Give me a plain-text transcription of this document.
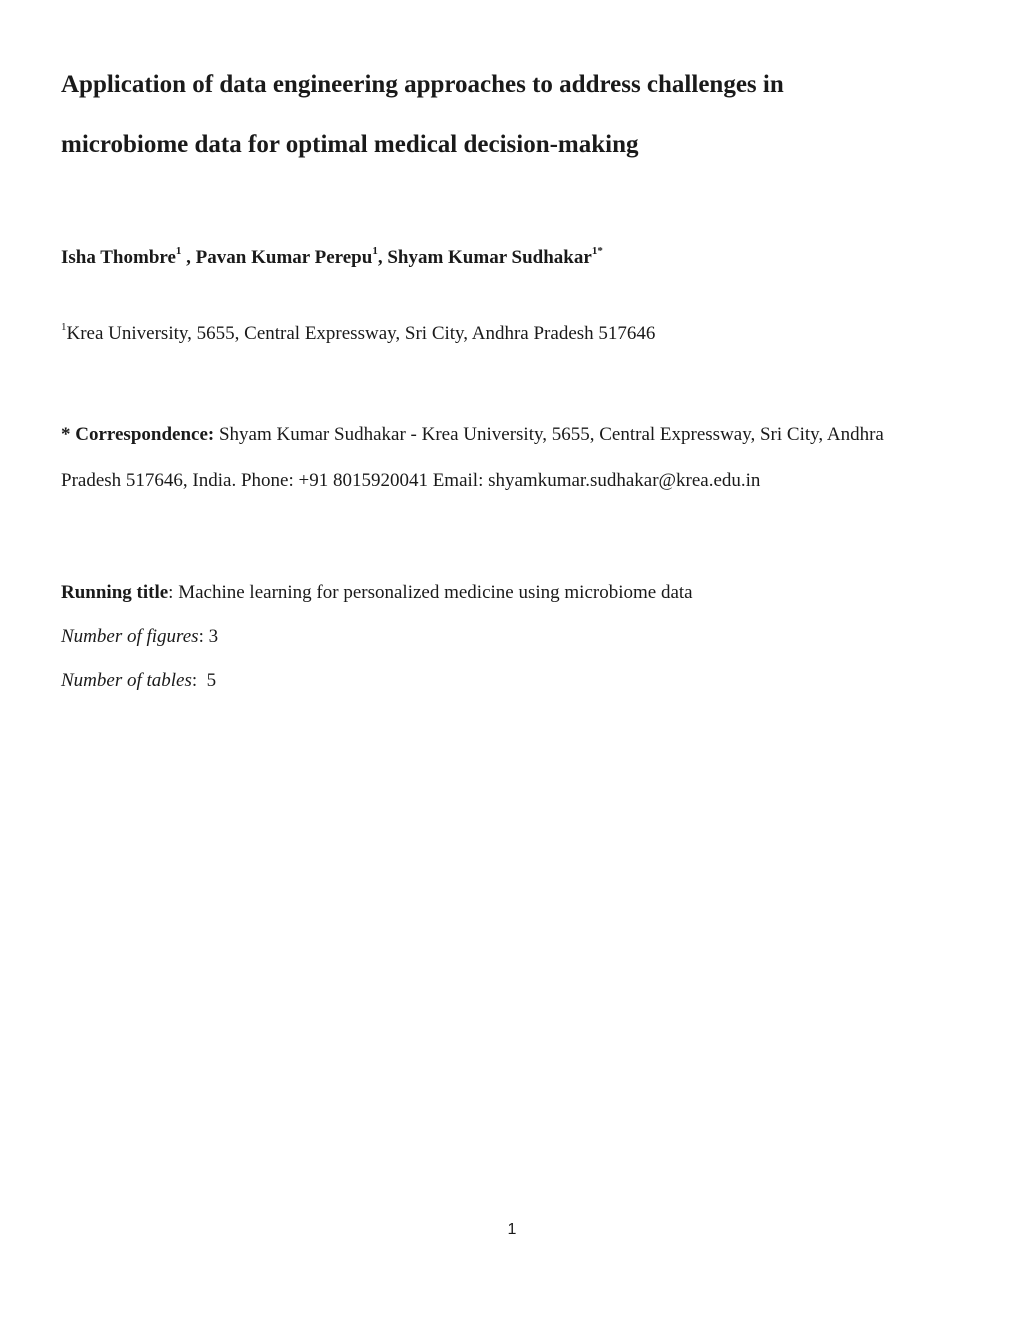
Application of data engineering approaches to address challenges in
microbiome data for optimal medical decision-making

Isha Thombre$^1$ , Pavan Kumar Perepu$^1$, Shyam Kumar Sudhakar$^{1*}$

$^1$Krea University, 5655, Central Expressway, Sri City, Andhra Pradesh 517646

* Correspondence: Shyam Kumar Sudhakar - Krea University, 5655, Central Expressway, Sri City, Andhra
Pradesh 517646, India. Phone: +91 8015920041 Email: shyamkumar.sudhakar@krea.edu.in

Running title: Machine learning for personalized medicine using microbiome data
Number of figures: 3
Number of tables:  5
1
